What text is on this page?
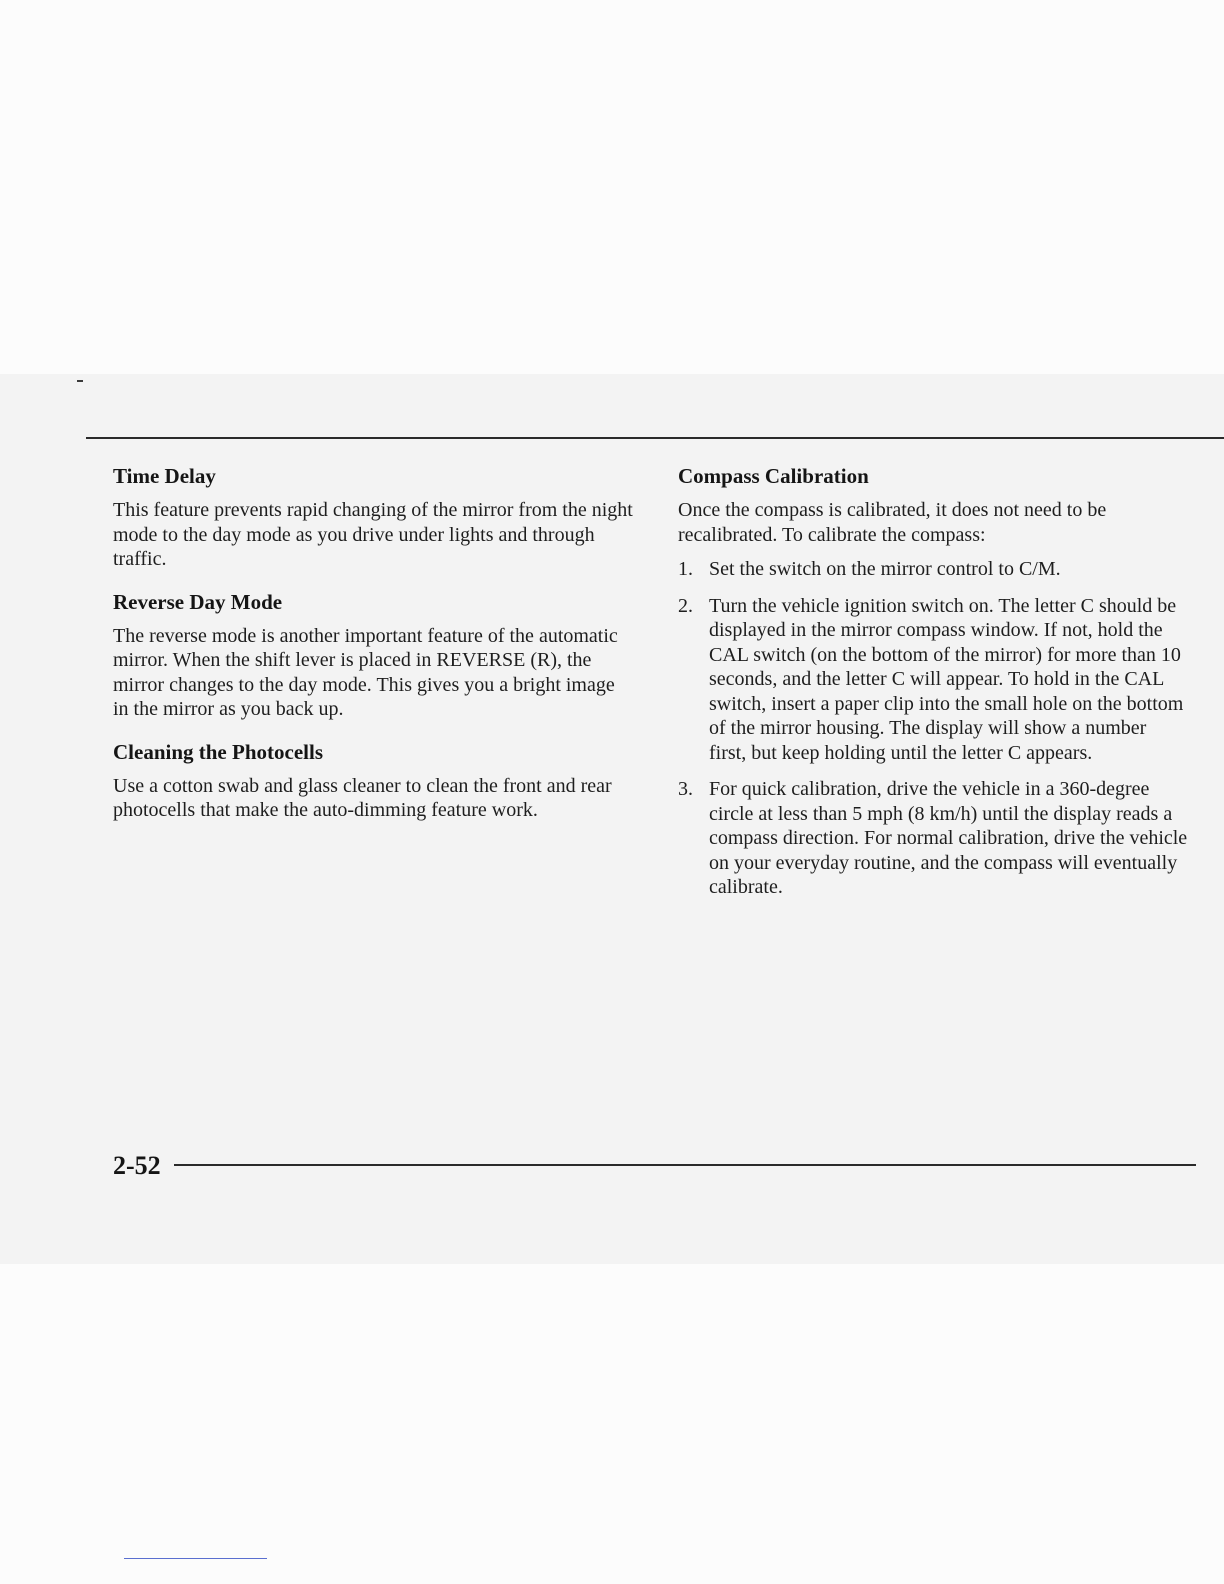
Time Delay

This feature prevents rapid changing of the mirror from the night mode to the day mode as you drive under lights and through traffic.

Reverse Day Mode

The reverse mode is another important feature of the automatic mirror. When the shift lever is placed in REVERSE (R), the mirror changes to the day mode. This gives you a bright image in the mirror as you back up.

Cleaning the Photocells

Use a cotton swab and glass cleaner to clean the front and rear photocells that make the auto-dimming feature work.

Compass Calibration

Once the compass is calibrated, it does not need to be recalibrated. To calibrate the compass:

1. Set the switch on the mirror control to C/M.
2. Turn the vehicle ignition switch on. The letter C should be displayed in the mirror compass window. If not, hold the CAL switch (on the bottom of the mirror) for more than 10 seconds, and the letter C will appear. To hold in the CAL switch, insert a paper clip into the small hole on the bottom of the mirror housing. The display will show a number first, but keep holding until the letter C appears.
3. For quick calibration, drive the vehicle in a 360-degree circle at less than 5 mph (8 km/h) until the display reads a compass direction. For normal calibration, drive the vehicle on your everyday routine, and the compass will eventually calibrate.
2-52
